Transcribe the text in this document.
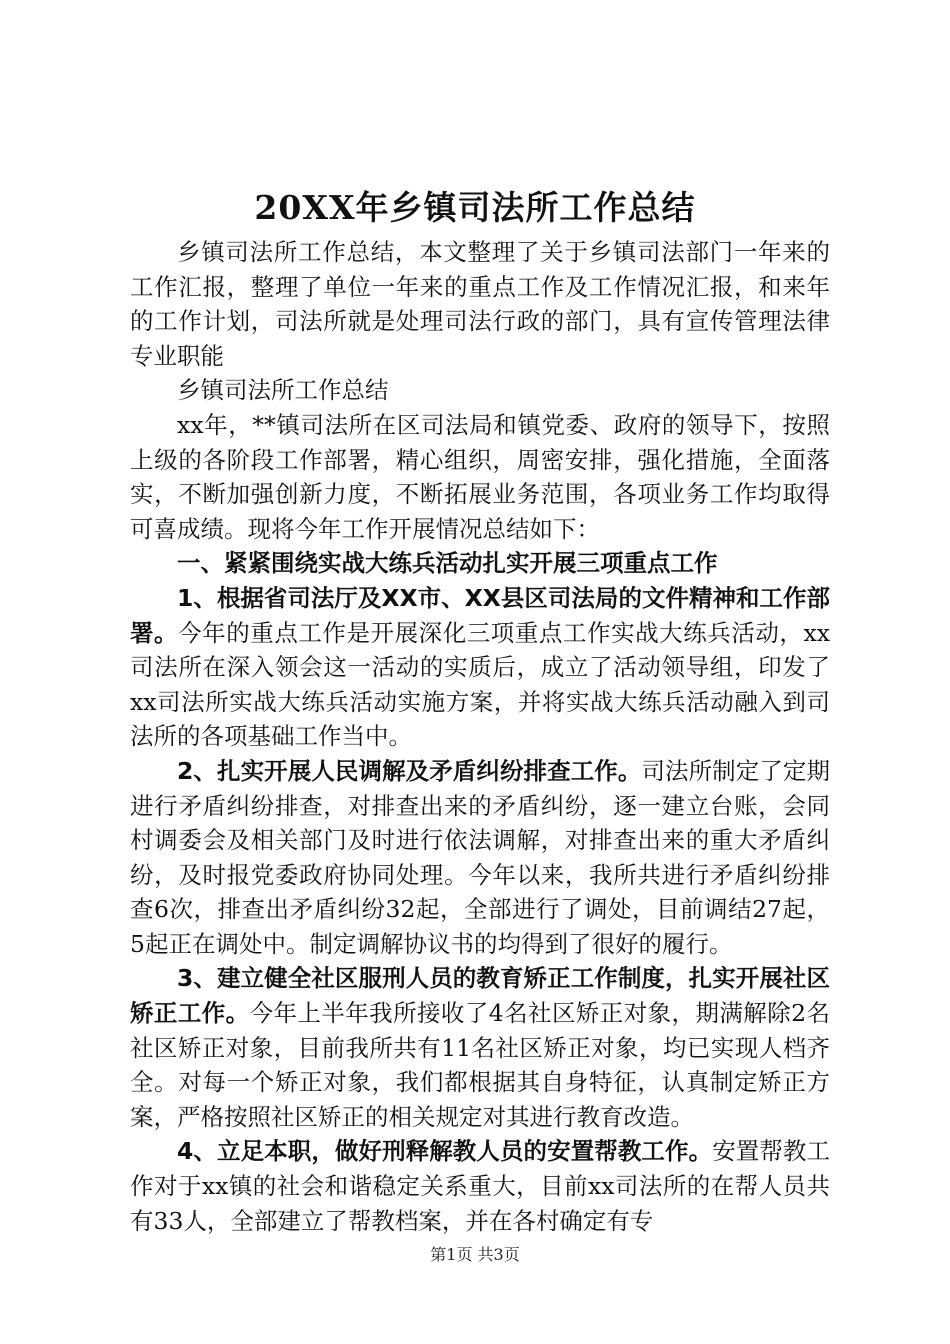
20XX年乡镇司法所工作总结

乡镇司法所工作总结，本文整理了关于乡镇司法部门一年来的工作汇报，整理了单位一年来的重点工作及工作情况汇报，和来年的工作计划，司法所就是处理司法行政的部门，具有宣传管理法律专业职能

乡镇司法所工作总结

xx年，**镇司法所在区司法局和镇党委、政府的领导下，按照上级的各阶段工作部署，精心组织，周密安排，强化措施，全面落实，不断加强创新力度，不断拓展业务范围，各项业务工作均取得可喜成绩。现将今年工作开展情况总结如下：

一、紧紧围绕实战大练兵活动扎实开展三项重点工作

1、根据省司法厅及XX市、XX县区司法局的文件精神和工作部署。今年的重点工作是开展深化三项重点工作实战大练兵活动，xx司法所在深入领会这一活动的实质后，成立了活动领导组，印发了xx司法所实战大练兵活动实施方案，并将实战大练兵活动融入到司法所的各项基础工作当中。

2、扎实开展人民调解及矛盾纠纷排查工作。司法所制定了定期进行矛盾纠纷排查，对排查出来的矛盾纠纷，逐一建立台账，会同村调委会及相关部门及时进行依法调解，对排查出来的重大矛盾纠纷，及时报党委政府协同处理。今年以来，我所共进行矛盾纠纷排查6次，排查出矛盾纠纷32起，全部进行了调处，目前调结27起，5起正在调处中。制定调解协议书的均得到了很好的履行。

3、建立健全社区服刑人员的教育矫正工作制度，扎实开展社区矫正工作。今年上半年我所接收了4名社区矫正对象，期满解除2名社区矫正对象，目前我所共有11名社区矫正对象，均已实现人档齐全。对每一个矫正对象，我们都根据其自身特征，认真制定矫正方案，严格按照社区矫正的相关规定对其进行教育改造。

4、立足本职，做好刑释解教人员的安置帮教工作。安置帮教工作对于xx镇的社会和谐稳定关系重大，目前xx司法所的在帮人员共有33人，全部建立了帮教档案，并在各村确定有专

第1页 共3页
